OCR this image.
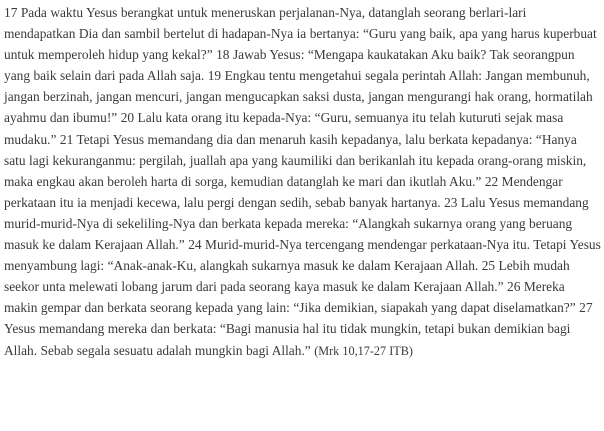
17 Pada waktu Yesus berangkat untuk meneruskan perjalanan-Nya, datanglah seorang berlari-lari mendapatkan Dia dan sambil bertelut di hadapan-Nya ia bertanya: “Guru yang baik, apa yang harus kuperbuat untuk memperoleh hidup yang kekal?” 18 Jawab Yesus: “Mengapa kaukatakan Aku baik? Tak seorangpun yang baik selain dari pada Allah saja. 19 Engkau tentu mengetahui segala perintah Allah: Jangan membunuh, jangan berzinah, jangan mencuri, jangan mengucapkan saksi dusta, jangan mengurangi hak orang, hormatilah ayahmu dan ibumu!” 20 Lalu kata orang itu kepada-Nya: “Guru, semuanya itu telah kuturuti sejak masa mudaku.” 21 Tetapi Yesus memandang dia dan menaruh kasih kepadanya, lalu berkata kepadanya: “Hanya satu lagi kekuranganmu: pergilah, juallah apa yang kaumiliki dan berikanlah itu kepada orang-orang miskin, maka engkau akan beroleh harta di sorga, kemudian datanglah ke mari dan ikutlah Aku.” 22 Mendengar perkataan itu ia menjadi kecewa, lalu pergi dengan sedih, sebab banyak hartanya. 23 Lalu Yesus memandang murid-murid-Nya di sekeliling-Nya dan berkata kepada mereka: “Alangkah sukarnya orang yang beruang masuk ke dalam Kerajaan Allah.” 24 Murid-murid-Nya tercengang mendengar perkataan-Nya itu. Tetapi Yesus menyambung lagi: “Anak-anak-Ku, alangkah sukarnya masuk ke dalam Kerajaan Allah. 25 Lebih mudah seekor unta melewati lobang jarum dari pada seorang kaya masuk ke dalam Kerajaan Allah.” 26 Mereka makin gempar dan berkata seorang kepada yang lain: “Jika demikian, siapakah yang dapat diselamatkan?” 27 Yesus memandang mereka dan berkata: “Bagi manusia hal itu tidak mungkin, tetapi bukan demikian bagi Allah. Sebab segala sesuatu adalah mungkin bagi Allah.” (Mrk 10,17-27 ITB)
